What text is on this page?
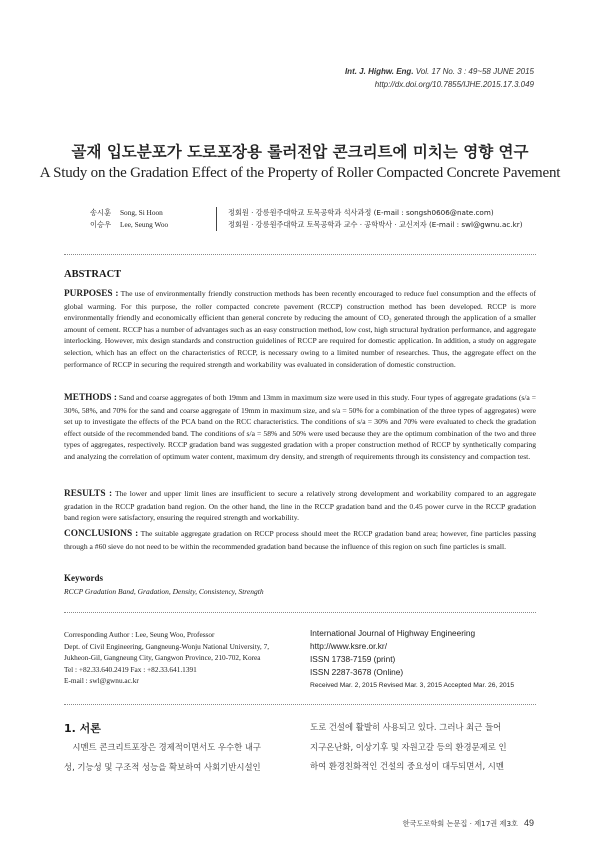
Int. J. Highw. Eng. Vol. 17 No. 3 : 49~58 JUNE 2015
http://dx.doi.org/10.7855/IJHE.2015.17.3.049
골재 입도분포가 도로포장용 롤러전압 콘크리트에 미치는 영향 연구
A Study on the Gradation Effect of the Property of Roller Compacted Concrete Pavement
송시훈 Song, Si Hoon
이승우 Lee, Seung Woo
정회원 · 강릉원주대학교 토목공학과 석사과정 (E-mail : songsh0606@nate.com)
정회원 · 강릉원주대학교 토목공학과 교수 · 공학박사 · 교신저자 (E-mail : swl@gwnu.ac.kr)
ABSTRACT
PURPOSES : The use of environmentally friendly construction methods has been recently encouraged to reduce fuel consumption and the effects of global warming. For this purpose, the roller compacted concrete pavement (RCCP) construction method has been developed. RCCP is more environmentally friendly and economically efficient than general concrete by reducing the amount of CO₂ generated through the application of a smaller amount of cement. RCCP has a number of advantages such as an easy construction method, low cost, high structural hydration performance, and aggregate interlocking. However, mix design standards and construction guidelines of RCCP are required for domestic application. In addition, a study on aggregate selection, which has an effect on the characteristics of RCCP, is necessary owing to a limited number of researches. Thus, the aggregate effect on the performance of RCCP in securing the required strength and workability was evaluated in consideration of domestic construction.
METHODS : Sand and coarse aggregates of both 19mm and 13mm in maximum size were used in this study. Four types of aggregate gradations (s/a = 30%, 58%, and 70% for the sand and coarse aggregate of 19mm in maximum size, and s/a = 50% for a combination of the three types of aggregates) were set up to investigate the effects of the PCA band on the RCC characteristics. The conditions of s/a = 30% and 70% were evaluated to check the gradation effect outside of the recommended band. The conditions of s/a = 58% and 50% were used because they are the optimum combination of the two and three types of aggregates, respectively. RCCP gradation band was suggested gradation with a proper construction method of RCCP by synthetically comparing and analyzing the correlation of optimum water content, maximum dry density, and strength of requirements through its consistency and compaction test.
RESULTS : The lower and upper limit lines are insufficient to secure a relatively strong development and workability compared to an aggregate gradation in the RCCP gradation band region. On the other hand, the line in the RCCP gradation band and the 0.45 power curve in the RCCP gradation band region were satisfactory, ensuring the required strength and workability.
CONCLUSIONS : The suitable aggregate gradation on RCCP process should meet the RCCP gradation band area; however, fine particles passing through a #60 sieve do not need to be within the recommended gradation band because the influence of this region on such fine particles is small.
Keywords
RCCP Gradation Band, Gradation, Density, Consistency, Strength
Corresponding Author : Lee, Seung Woo, Professor
Dept. of Civil Engineering, Gangneung-Wonju National University, 7,
Jukheon-Gil, Gangneung City, Gangwon Province, 210-702, Korea
Tel : +82.33.640.2419 Fax : +82.33.641.1391
E-mail : swl@gwnu.ac.kr
International Journal of Highway Engineering
http://www.ksre.or.kr/
ISSN 1738-7159 (print)
ISSN 2287-3678 (Online)
Received Mar. 2, 2015 Revised Mar. 3, 2015 Accepted Mar. 26, 2015
1. 서론
　시멘트 콘크리트포장은 경제적이면서도 우수한 내구
성, 기능성 및 구조적 성능을 확보하여 사회기반시설인
도로 건설에 활발히 사용되고 있다. 그러나 최근 들어
지구온난화, 이상기후 및 자원고갈 등의 환경문제로 인
하여 환경친화적인 건설의 중요성이 대두되면서, 시멘
한국도로학회 논문집 · 제17권 제3호 49
